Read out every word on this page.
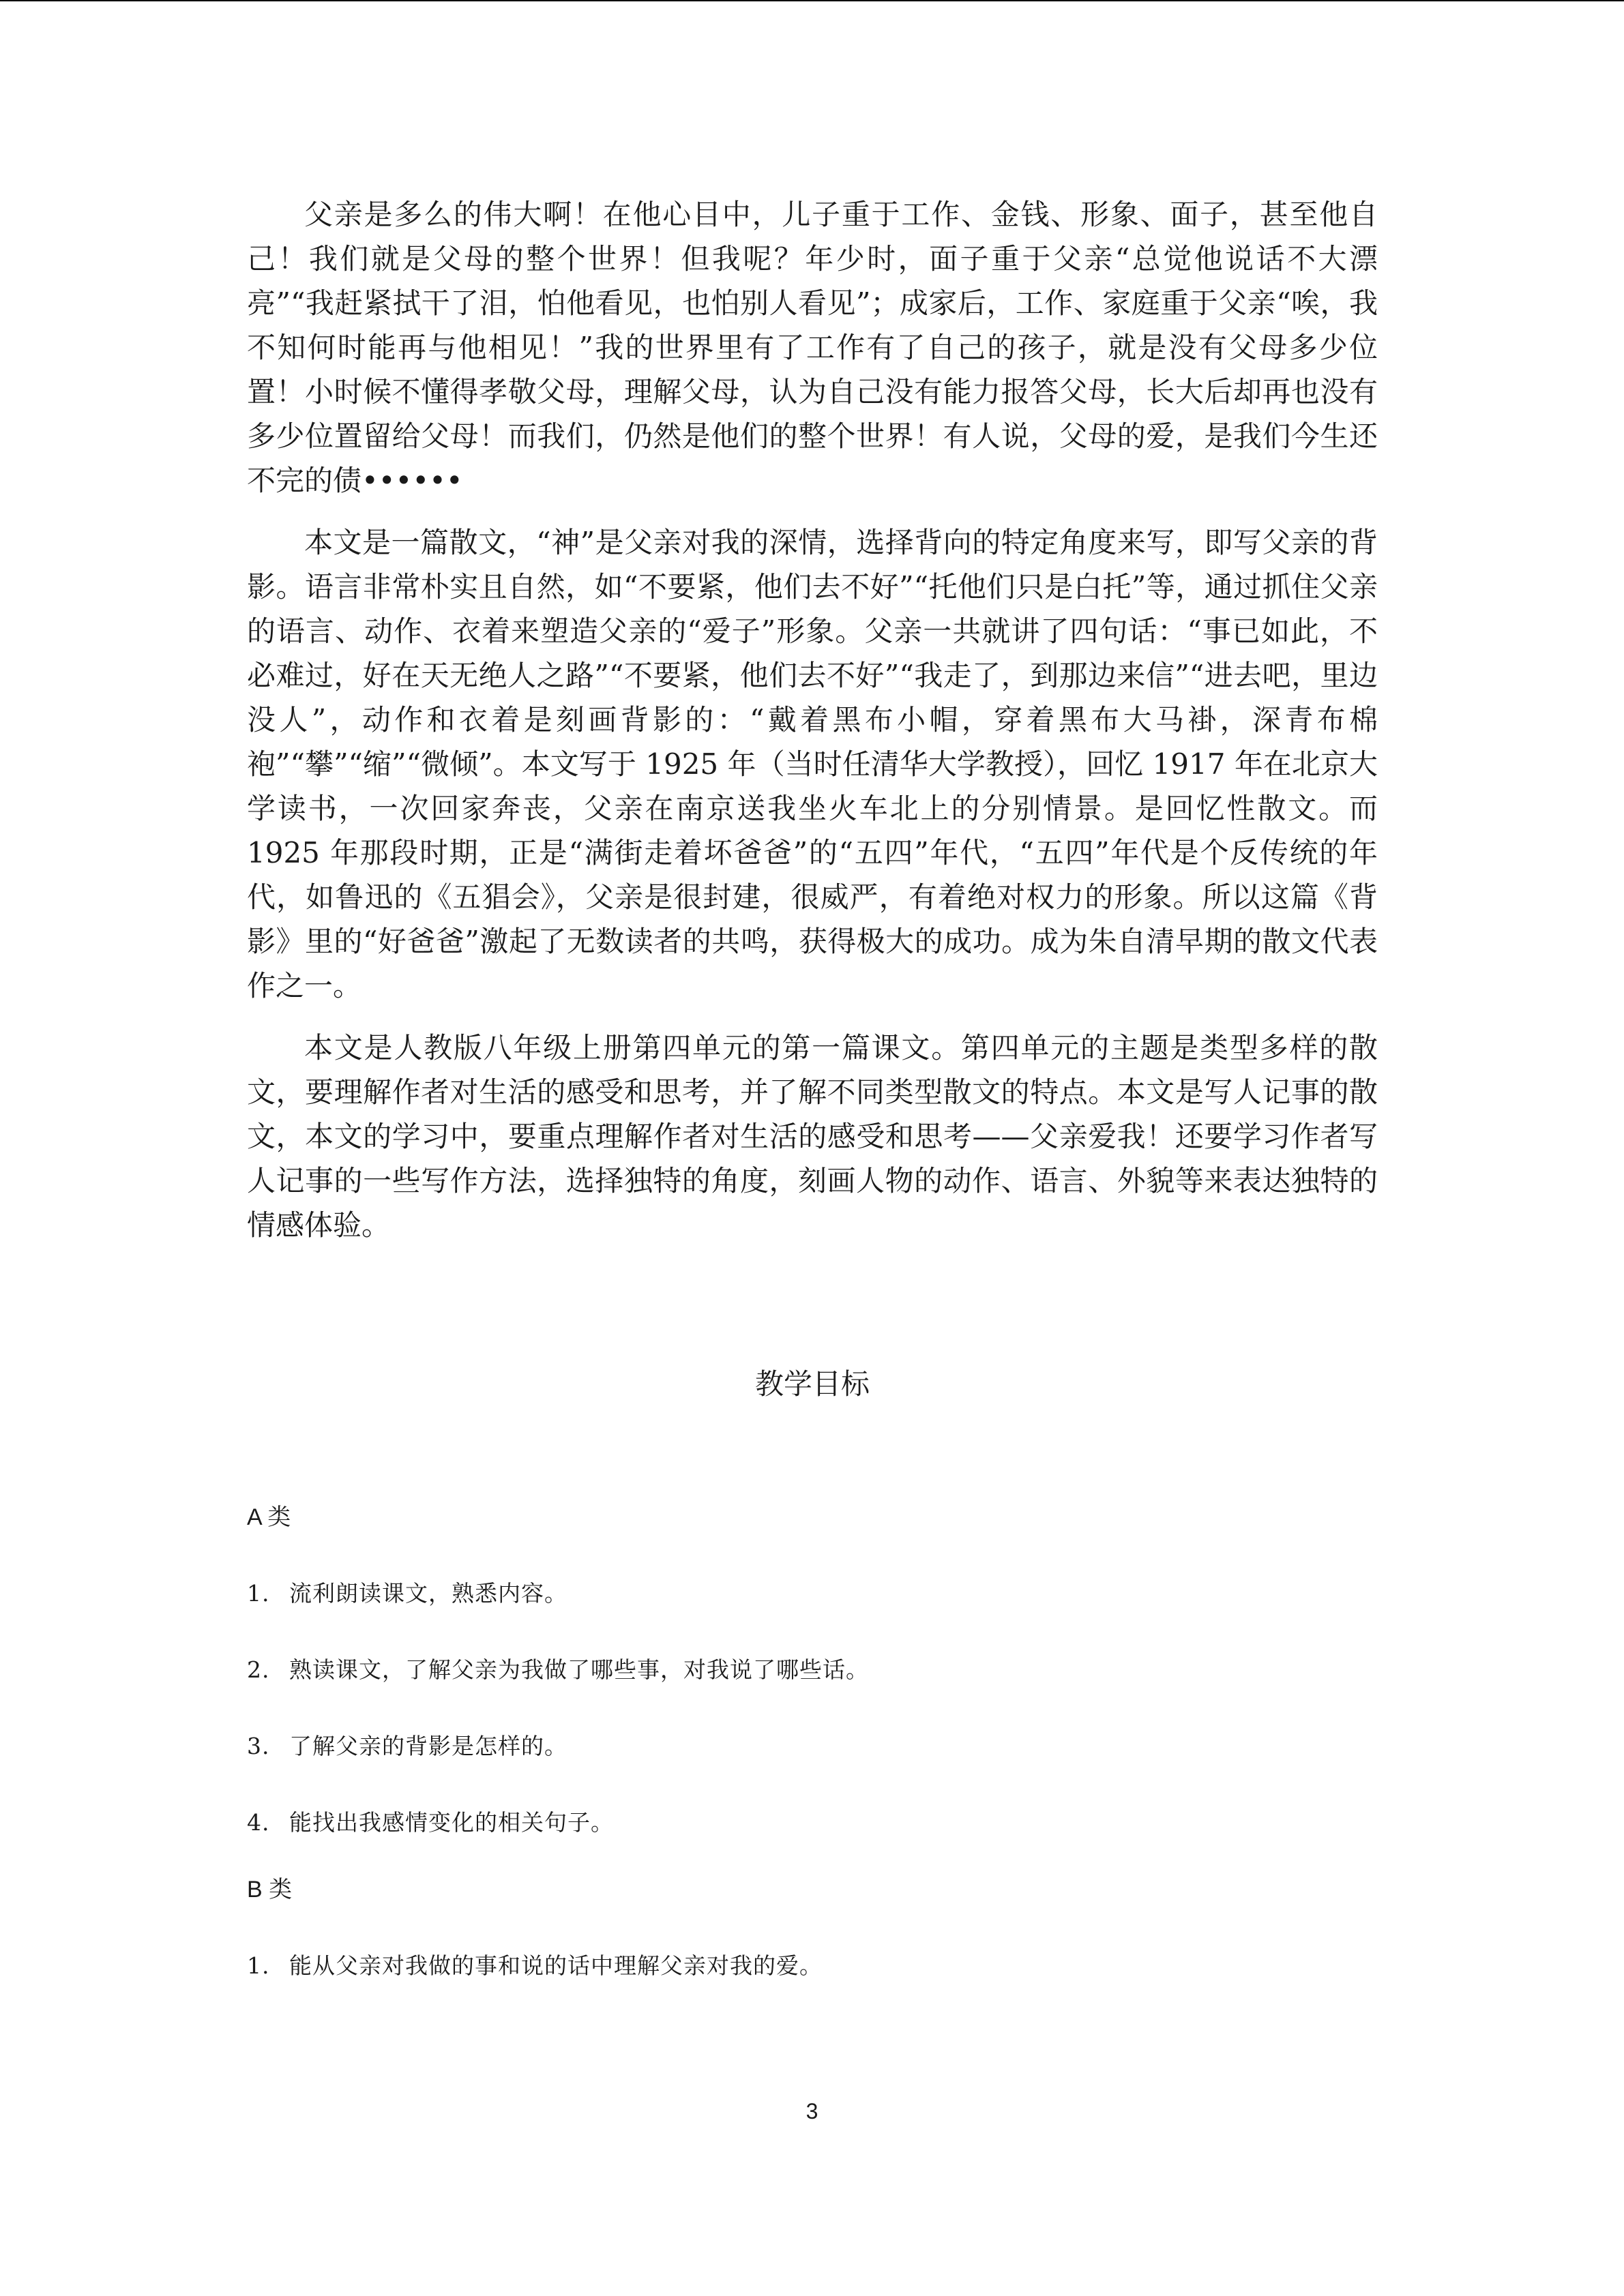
父亲是多么的伟大啊！在他心目中，儿子重于工作、金钱、形象、面子，甚至他自己！我们就是父母的整个世界！但我呢？年少时，面子重于父亲“总觉他说话不大漂亮”“我赶紧拭干了泪，怕他看见，也怕别人看见”；成家后，工作、家庭重于父亲“唉，我不知何时能再与他相见！”我的世界里有了工作有了自己的孩子，就是没有父母多少位置！小时候不懂得孝敬父母，理解父母，认为自己没有能力报答父母，长大后却再也没有多少位置留给父母！而我们，仍然是他们的整个世界！有人说，父母的爱，是我们今生还不完的债••••••

本文是一篇散文，“神”是父亲对我的深情，选择背向的特定角度来写，即写父亲的背影。语言非常朴实且自然，如“不要紧，他们去不好”“托他们只是白托”等，通过抓住父亲的语言、动作、衣着来塑造父亲的“爱子”形象。父亲一共就讲了四句话：“事已如此，不必难过，好在天无绝人之路”“不要紧，他们去不好”“我走了，到那边来信”“进去吧，里边没人”，动作和衣着是刻画背影的：“戴着黑布小帽，穿着黑布大马褂，深青布棉袍”“攀”“缩”“微倾”。本文写于 1925 年（当时任清华大学教授），回忆 1917 年在北京大学读书，一次回家奔丧，父亲在南京送我坐火车北上的分别情景。是回忆性散文。而 1925 年那段时期，正是“满街走着坏爸爸”的“五四”年代，“五四”年代是个反传统的年代，如鲁迅的《五猖会》，父亲是很封建，很威严，有着绝对权力的形象。所以这篇《背影》里的“好爸爸”激起了无数读者的共鸣，获得极大的成功。成为朱自清早期的散文代表作之一。

本文是人教版八年级上册第四单元的第一篇课文。第四单元的主题是类型多样的散文，要理解作者对生活的感受和思考，并了解不同类型散文的特点。本文是写人记事的散文，本文的学习中，要重点理解作者对生活的感受和思考——父亲爱我！还要学习作者写人记事的一些写作方法，选择独特的角度，刻画人物的动作、语言、外貌等来表达独特的情感体验。

教学目标

A 类

1. 流利朗读课文，熟悉内容。
2. 熟读课文，了解父亲为我做了哪些事，对我说了哪些话。
3. 了解父亲的背影是怎样的。
4. 能找出我感情变化的相关句子。

B 类

1. 能从父亲对我做的事和说的话中理解父亲对我的爱。
3
